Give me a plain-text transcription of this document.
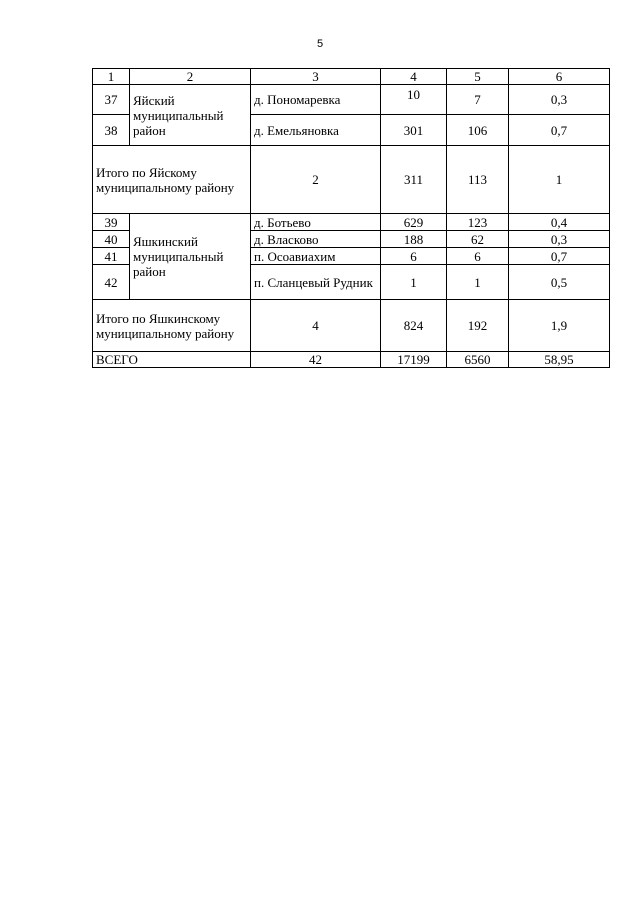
5
1	2	3	4	5	6
37	Яйский муниципальный район	д. Пономаревка	10	7	0,3
38		д. Емельяновка	301	106	0,7
Итого по Яйскому муниципальному району		2	311	113	1
39	Яшкинский муниципальный район	д. Ботьево	629	123	0,4
40		д. Власково	188	62	0,3
41		п. Осоавиахим	6	6	0,7
42		п. Сланцевый Рудник	1	1	0,5
Итого по Яшкинскому муниципальному району		4	824	192	1,9
ВСЕГО		42	17199	6560	58,95
